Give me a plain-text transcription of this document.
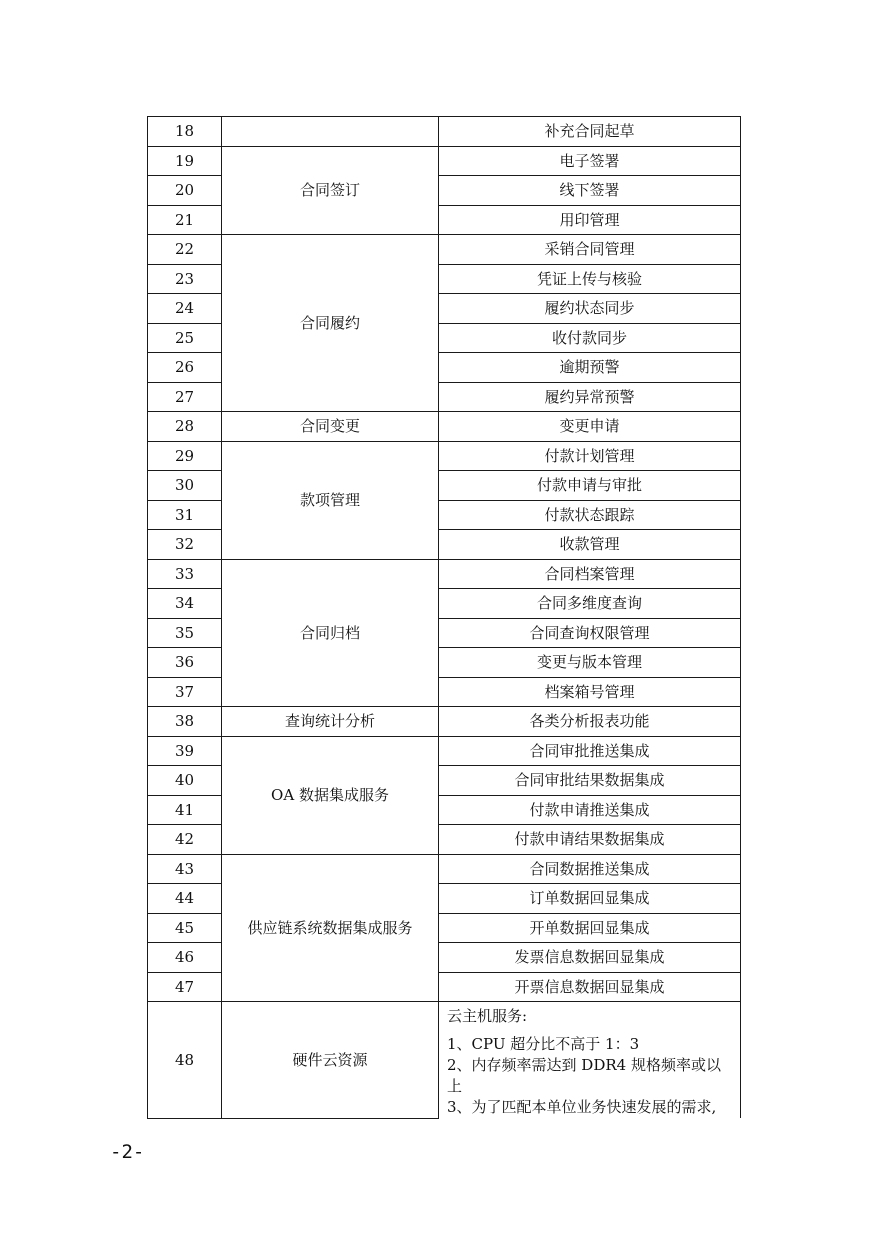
18		补充合同起草
19	合同签订	电子签署
20		线下签署
21		用印管理
22	合同履约	采销合同管理
23		凭证上传与核验
24		履约状态同步
25		收付款同步
26		逾期预警
27		履约异常预警
28	合同变更	变更申请
29	款项管理	付款计划管理
30		付款申请与审批
31		付款状态跟踪
32		收款管理
33	合同归档	合同档案管理
34		合同多维度查询
35		合同查询权限管理
36		变更与版本管理
37		档案箱号管理
38	查询统计分析	各类分析报表功能
39	OA 数据集成服务	合同审批推送集成
40		合同审批结果数据集成
41		付款申请推送集成
42		付款申请结果数据集成
43	供应链系统数据集成服务	合同数据推送集成
44		订单数据回显集成
45		开单数据回显集成
46		发票信息数据回显集成
47		开票信息数据回显集成
48	硬件云资源	云主机服务:
1、CPU 超分比不高于 1：3
2、内存频率需达到 DDR4 规格频率或以上
3、为了匹配本单位业务快速发展的需求,
-2-
